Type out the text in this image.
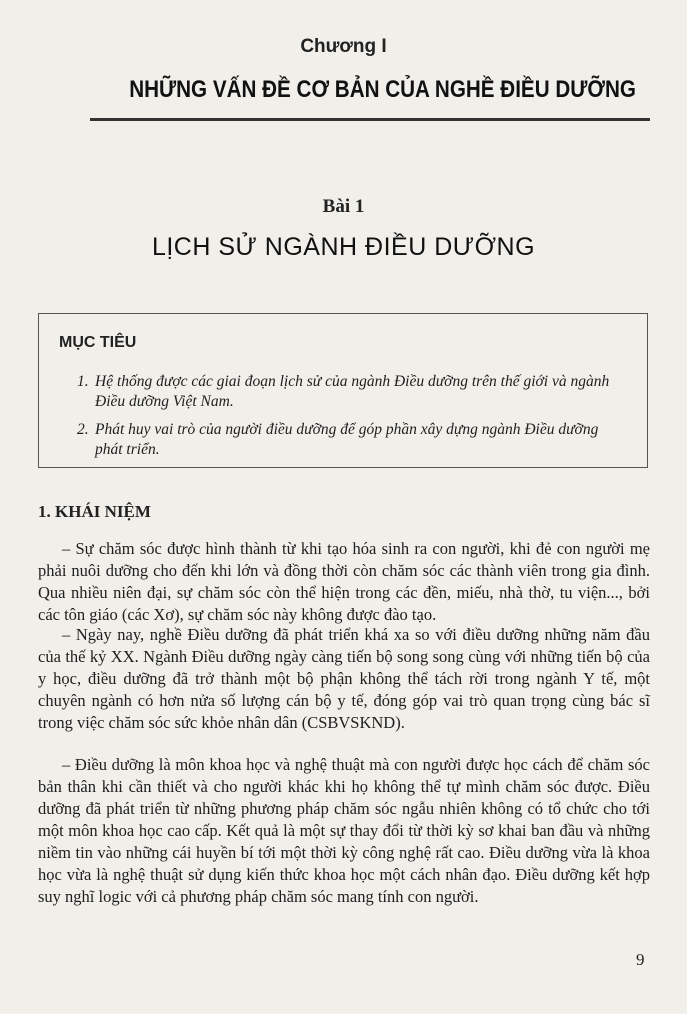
Chương I
NHỮNG VẤN ĐỀ CƠ BẢN CỦA NGHỀ ĐIỀU DƯỠNG
Bài 1
LỊCH SỬ NGÀNH ĐIỀU DƯỠNG
MỤC TIÊU
1. Hệ thống được các giai đoạn lịch sử của ngành Điều dưỡng trên thế giới và ngành Điều dưỡng Việt Nam.
2. Phát huy vai trò của người điều dưỡng để góp phần xây dựng ngành Điều dưỡng phát triển.
1. KHÁI NIỆM

– Sự chăm sóc được hình thành từ khi tạo hóa sinh ra con người, khi đẻ con người mẹ phải nuôi dưỡng cho đến khi lớn và đồng thời còn chăm sóc các thành viên trong gia đình. Qua nhiều niên đại, sự chăm sóc còn thể hiện trong các đền, miếu, nhà thờ, tu viện..., bởi các tôn giáo (các Xơ), sự chăm sóc này không được đào tạo.

– Ngày nay, nghề Điều dưỡng đã phát triển khá xa so với điều dưỡng những năm đầu của thế kỷ XX. Ngành Điều dưỡng ngày càng tiến bộ song song cùng với những tiến bộ của y học, điều dưỡng đã trở thành một bộ phận không thể tách rời trong ngành Y tế, một chuyên ngành có hơn nửa số lượng cán bộ y tế, đóng góp vai trò quan trọng cùng bác sĩ trong việc chăm sóc sức khỏe nhân dân (CSBVSKND).

– Điều dưỡng là môn khoa học và nghệ thuật mà con người được học cách để chăm sóc bản thân khi cần thiết và cho người khác khi họ không thể tự mình chăm sóc được. Điều dưỡng đã phát triển từ những phương pháp chăm sóc ngẫu nhiên không có tổ chức cho tới một môn khoa học cao cấp. Kết quả là một sự thay đổi từ thời kỳ sơ khai ban đầu và những niềm tin vào những cái huyền bí tới một thời kỳ công nghệ rất cao. Điều dưỡng vừa là khoa học vừa là nghệ thuật sử dụng kiến thức khoa học một cách nhân đạo. Điều dưỡng kết hợp suy nghĩ logic với cả phương pháp chăm sóc mang tính con người.

9
